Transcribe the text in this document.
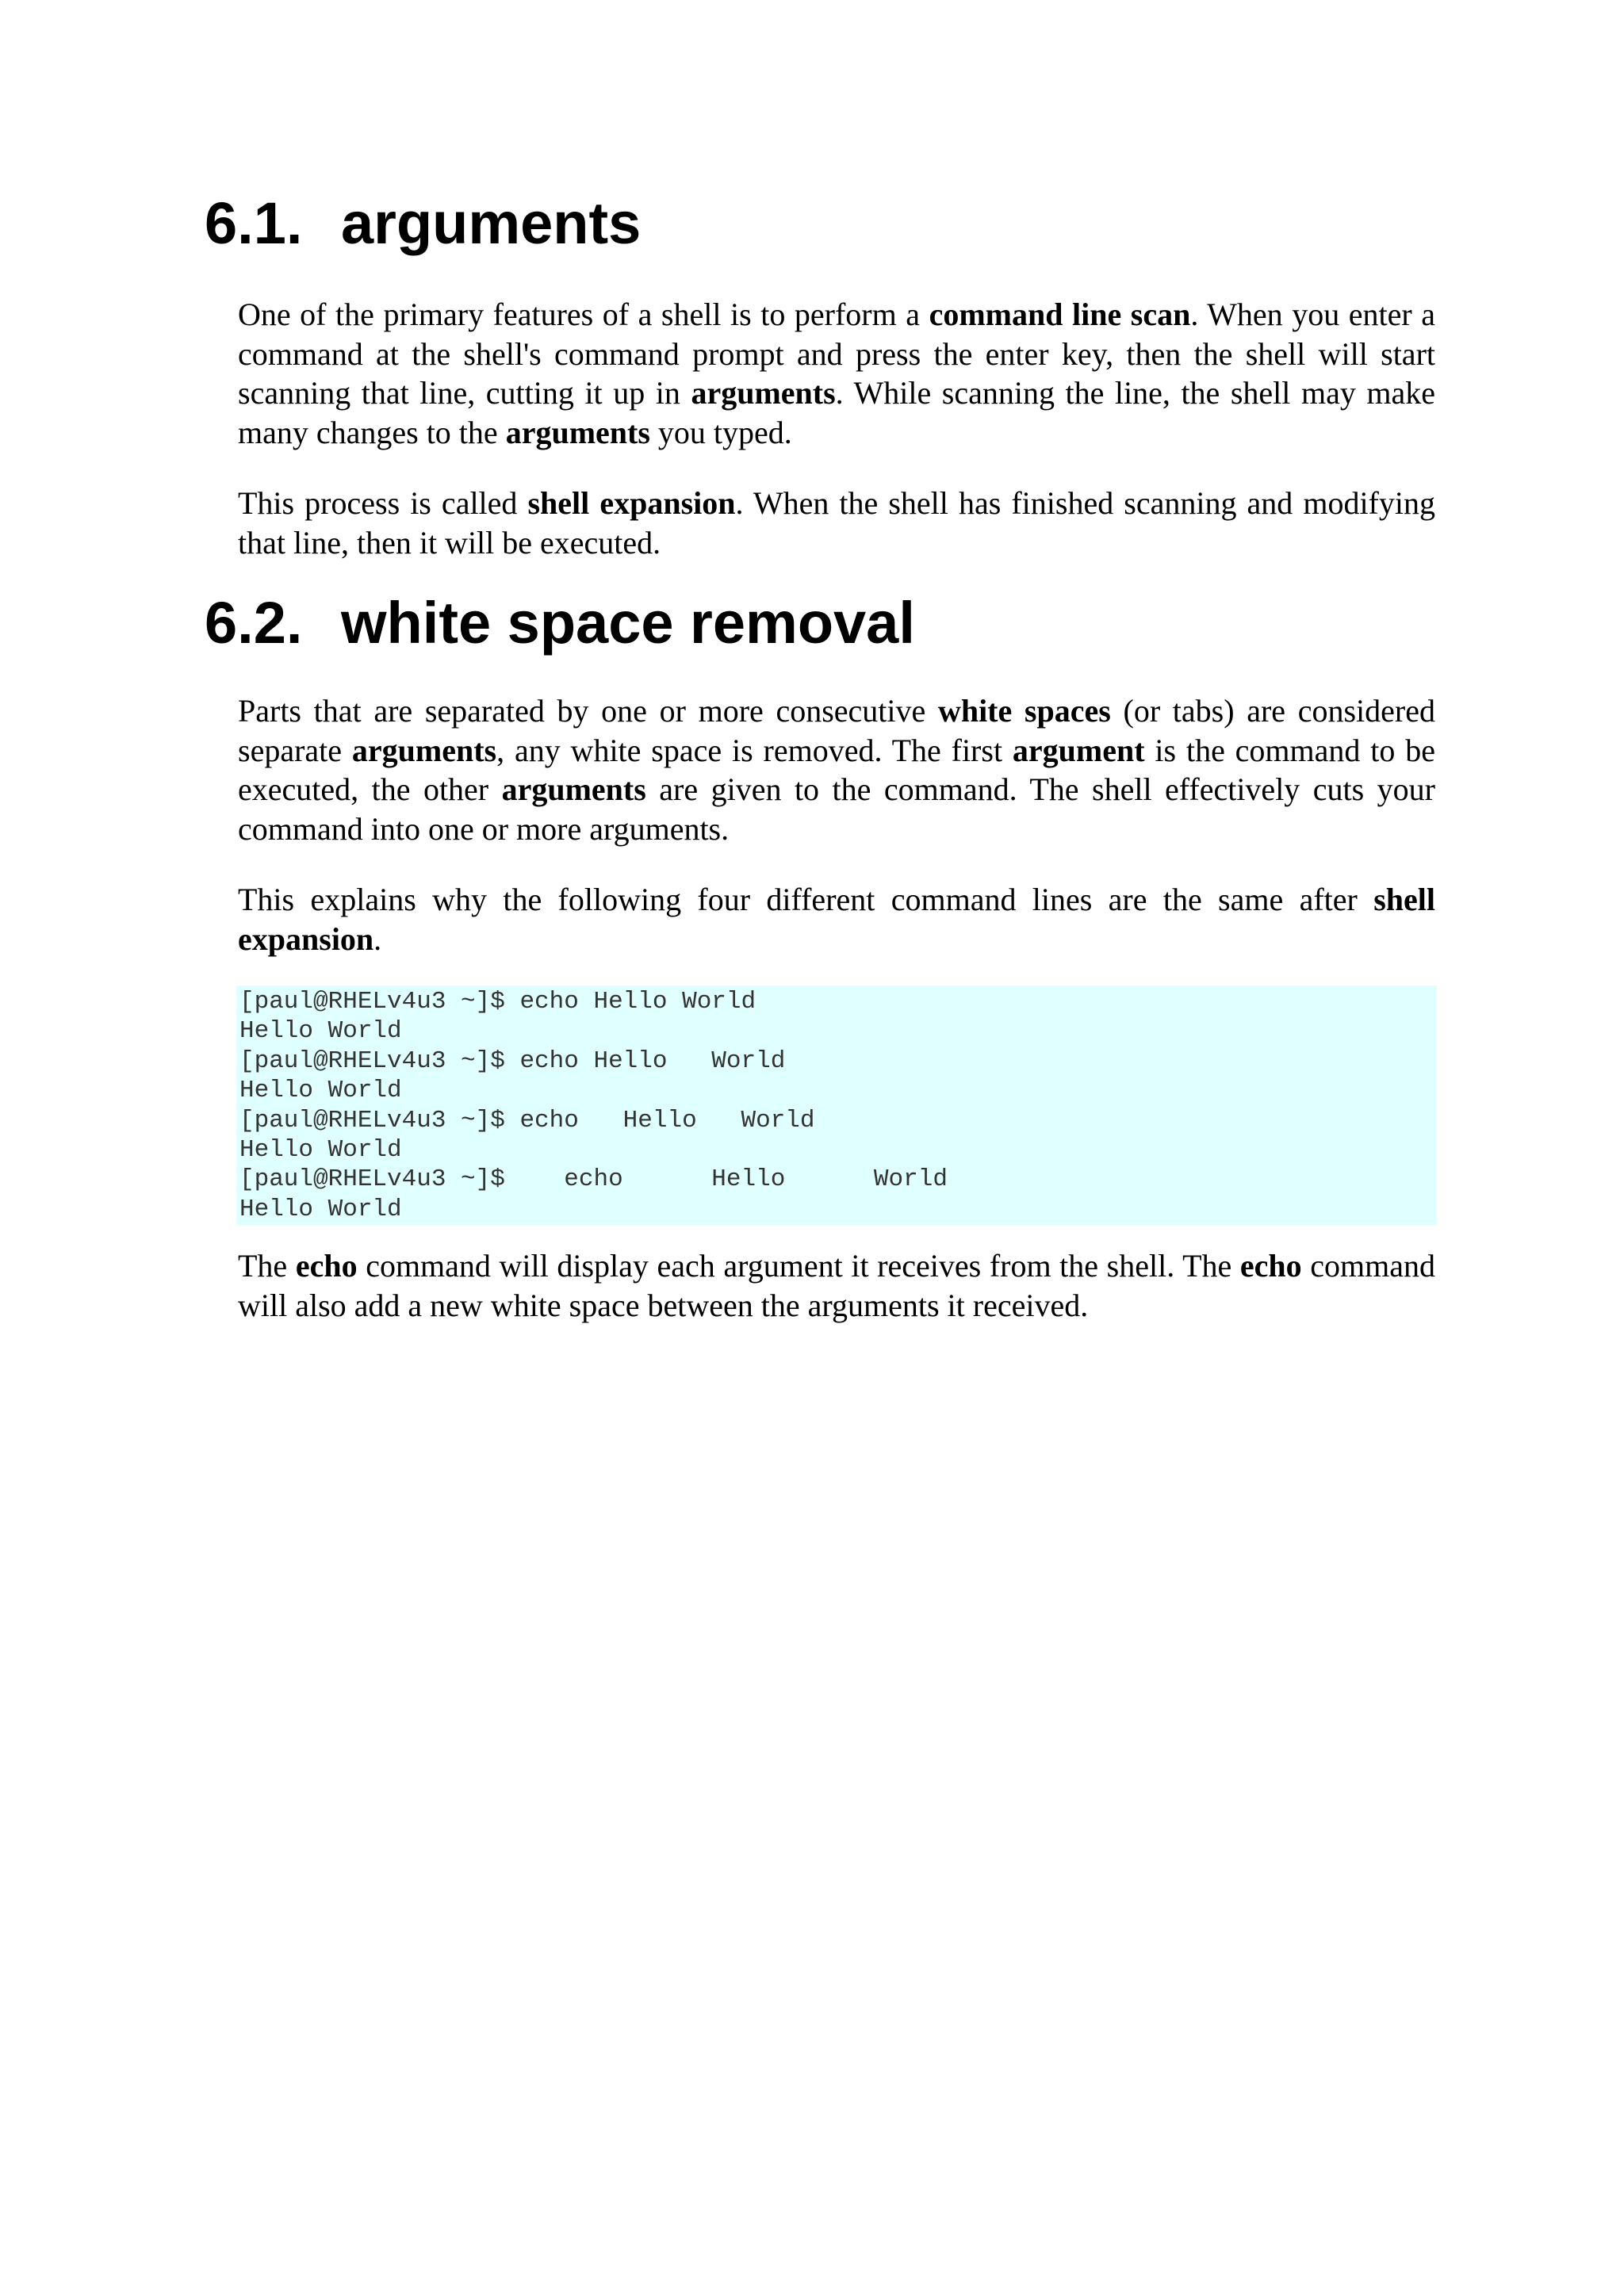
6.1. arguments

One of the primary features of a shell is to perform a command line scan. When you enter a command at the shell's command prompt and press the enter key, then the shell will start scanning that line, cutting it up in arguments. While scanning the line, the shell may make many changes to the arguments you typed.

This process is called shell expansion. When the shell has finished scanning and modifying that line, then it will be executed.

6.2. white space removal

Parts that are separated by one or more consecutive white spaces (or tabs) are considered separate arguments, any white space is removed. The first argument is the command to be executed, the other arguments are given to the command. The shell effectively cuts your command into one or more arguments.

This explains why the following four different command lines are the same after shell expansion.

[paul@RHELv4u3 ~]$ echo Hello World
Hello World
[paul@RHELv4u3 ~]$ echo Hello   World
Hello World
[paul@RHELv4u3 ~]$ echo   Hello   World
Hello World
[paul@RHELv4u3 ~]$    echo      Hello      World
Hello World

The echo command will display each argument it receives from the shell. The echo command will also add a new white space between the arguments it received.
